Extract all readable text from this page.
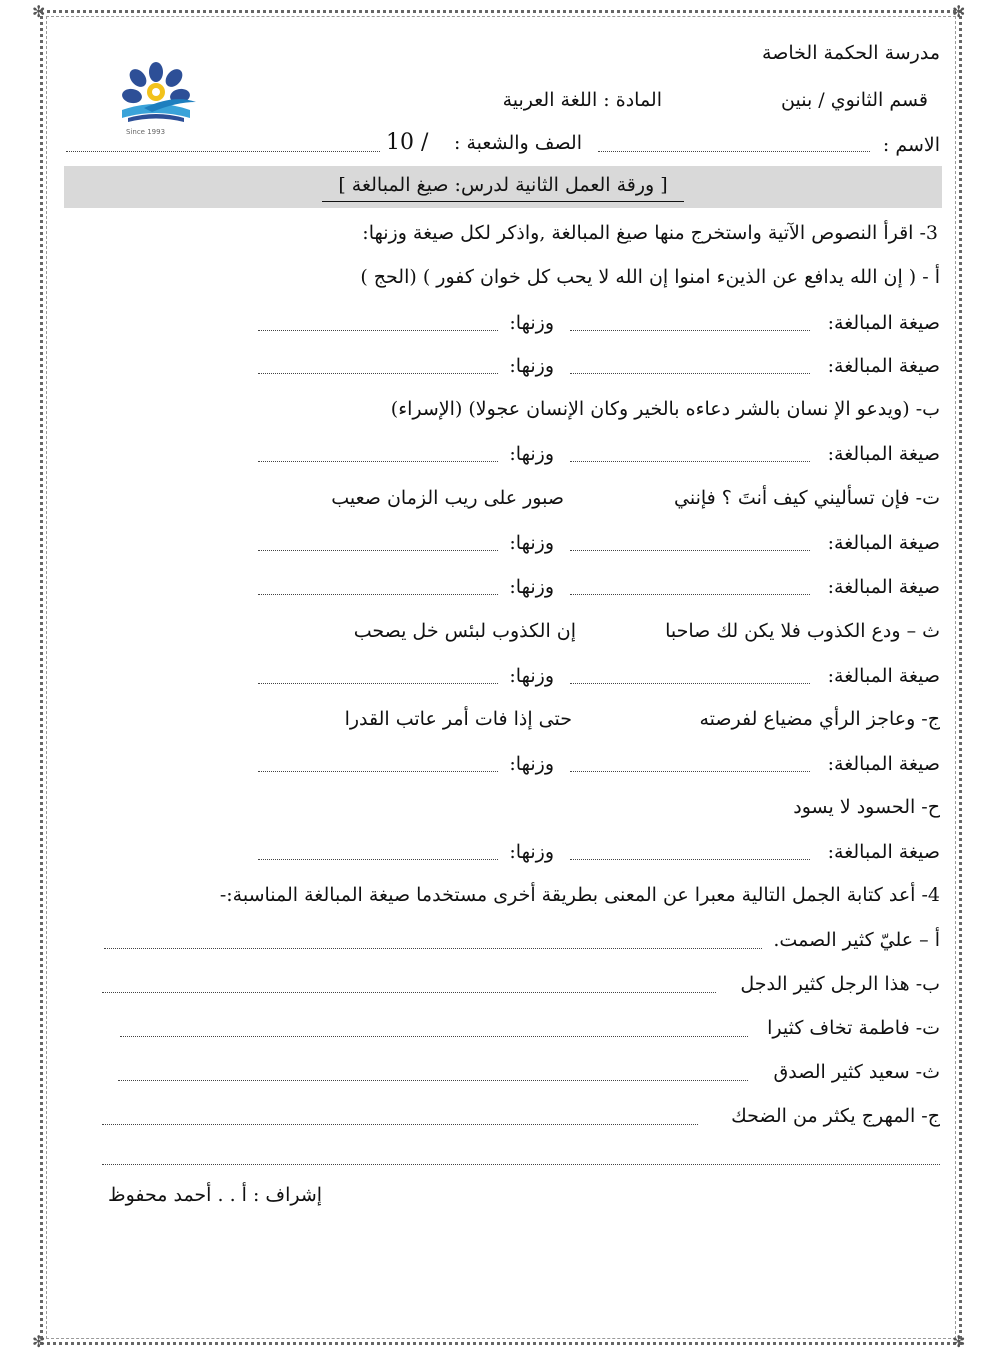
✻	✻
✻	✻
Since 1993
مدرسة الحكمة الخاصة
قسم الثانوي / بنين
المادة : اللغة العربية
الاسم :
الصف والشعبة :
10 /
[ ورقة العمل الثانية لدرس: صيغ المبالغة ]
3- اقرأ النصوص الآتية واستخرج منها صيغ المبالغة ,واذكر لكل صيغة وزنها:
أ - ( إن الله يدافع عن الذينء امنوا إن الله لا يحب كل خوان كفور ) (الحج )
صيغة المبالغة:
وزنها:
صيغة المبالغة:
وزنها:
ب- (ويدعو الإ نسان بالشر دعاءه بالخير وكان الإنسان عجولا) (الإسراء)
صيغة المبالغة:
وزنها:
ت- فإن تسأليني كيف أنتَ ؟ فإنني
صبور على ريب الزمان صعيب
صيغة المبالغة:
وزنها:
صيغة المبالغة:
وزنها:
ث – ودع الكذوب فلا يكن لك صاحبا
إن الكذوب لبئس خل يصحب
صيغة المبالغة:
وزنها:
ج- وعاجز الرأي مضياع لفرصته
حتى إذا فات أمر عاتب القدرا
صيغة المبالغة:
وزنها:
ح- الحسود لا يسود
صيغة المبالغة:
وزنها:
4- أعد كتابة الجمل التالية معبرا عن المعنى بطريقة أخرى مستخدما صيغة المبالغة المناسبة:-
أ – عليّ كثير الصمت.
ب- هذا الرجل كثير الدجل
ت- فاطمة تخاف كثيرا
ث- سعيد كثير الصدق
ج- المهرج يكثر من الضحك
إشراف : أ . . أحمد محفوظ
